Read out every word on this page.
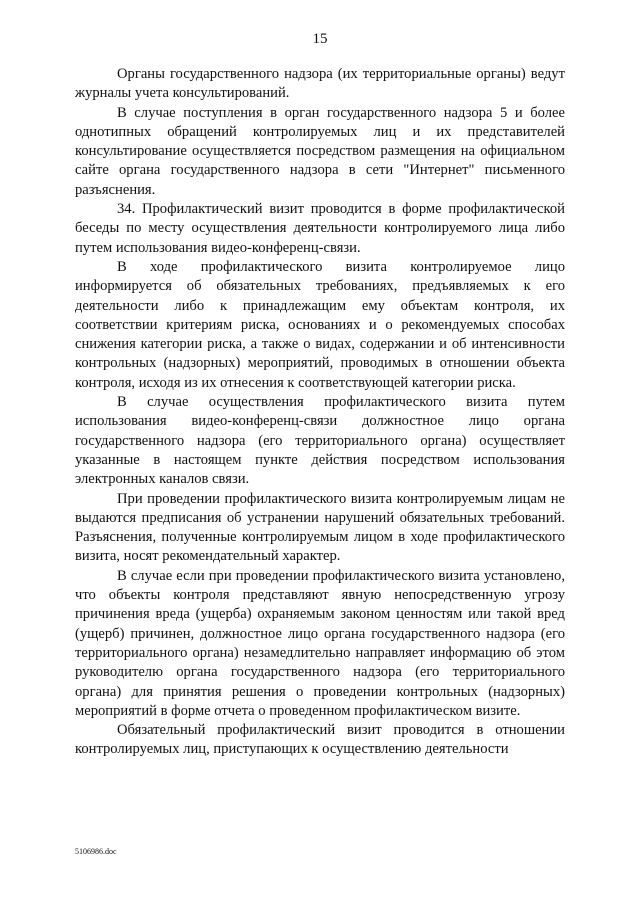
15

Органы государственного надзора (их территориальные органы) ведут журналы учета консультирований.

В случае поступления в орган государственного надзора 5 и более однотипных обращений контролируемых лиц и их представителей консультирование осуществляется посредством размещения на официальном сайте органа государственного надзора в сети "Интернет" письменного разъяснения.

34. Профилактический визит проводится в форме профилактической беседы по месту осуществления деятельности контролируемого лица либо путем использования видео-конференц-связи.

В ходе профилактического визита контролируемое лицо информируется об обязательных требованиях, предъявляемых к его деятельности либо к принадлежащим ему объектам контроля, их соответствии критериям риска, основаниях и о рекомендуемых способах снижения категории риска, а также о видах, содержании и об интенсивности контрольных (надзорных) мероприятий, проводимых в отношении объекта контроля, исходя из их отнесения к соответствующей категории риска.

В случае осуществления профилактического визита путем использования видео-конференц-связи должностное лицо органа государственного надзора (его территориального органа) осуществляет указанные в настоящем пункте действия посредством использования электронных каналов связи.

При проведении профилактического визита контролируемым лицам не выдаются предписания об устранении нарушений обязательных требований. Разъяснения, полученные контролируемым лицом в ходе профилактического визита, носят рекомендательный характер.

В случае если при проведении профилактического визита установлено, что объекты контроля представляют явную непосредственную угрозу причинения вреда (ущерба) охраняемым законом ценностям или такой вред (ущерб) причинен, должностное лицо органа государственного надзора (его территориального органа) незамедлительно направляет информацию об этом руководителю органа государственного надзора (его территориального органа) для принятия решения о проведении контрольных (надзорных) мероприятий в форме отчета о проведенном профилактическом визите.

Обязательный профилактический визит проводится в отношении контролируемых лиц, приступающих к осуществлению деятельности

5106986.doc
